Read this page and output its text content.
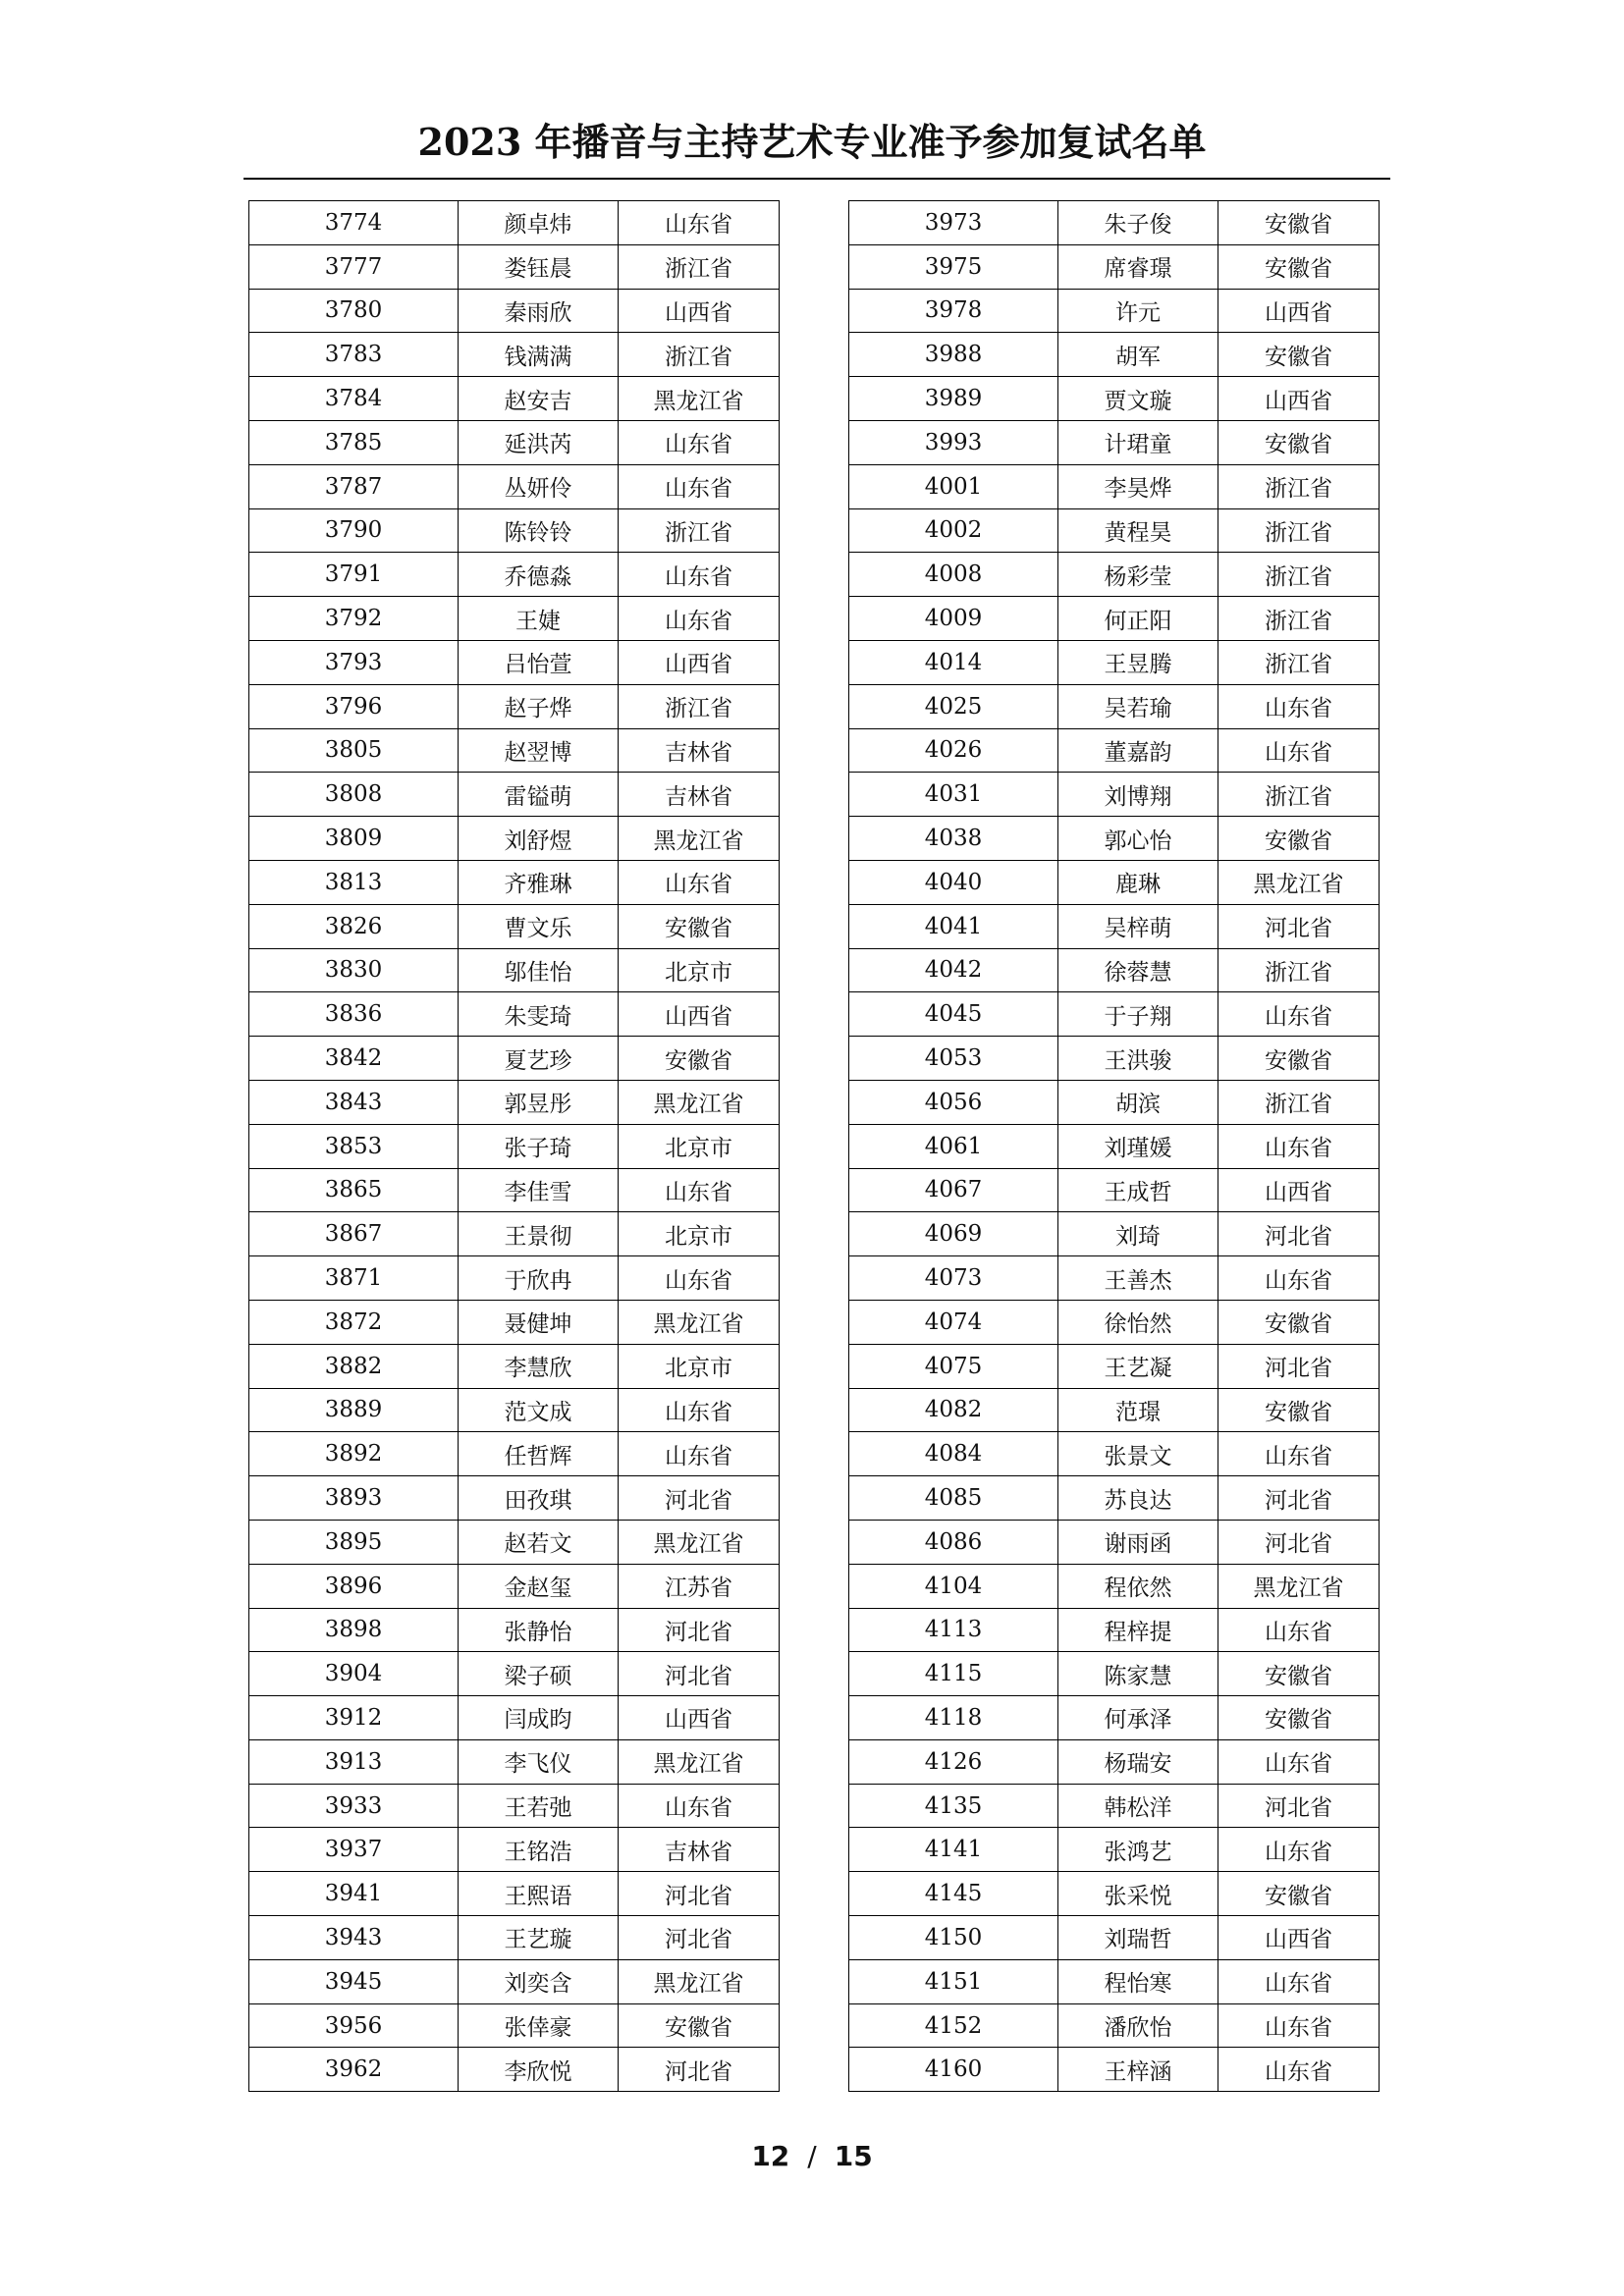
2023 年播音与主持艺术专业准予参加复试名单
3774	颜卓炜	山东省
3777	娄钰晨	浙江省
3780	秦雨欣	山西省
3783	钱满满	浙江省
3784	赵安吉	黑龙江省
3785	延洪芮	山东省
3787	丛妍伶	山东省
3790	陈铃铃	浙江省
3791	乔德淼	山东省
3792	王婕	山东省
3793	吕怡萱	山西省
3796	赵子烨	浙江省
3805	赵翌博	吉林省
3808	雷镒萌	吉林省
3809	刘舒煜	黑龙江省
3813	齐雅琳	山东省
3826	曹文乐	安徽省
3830	邬佳怡	北京市
3836	朱雯琦	山西省
3842	夏艺珍	安徽省
3843	郭昱彤	黑龙江省
3853	张子琦	北京市
3865	李佳雪	山东省
3867	王景彻	北京市
3871	于欣冉	山东省
3872	聂健坤	黑龙江省
3882	李慧欣	北京市
3889	范文成	山东省
3892	任哲辉	山东省
3893	田孜琪	河北省
3895	赵若文	黑龙江省
3896	金赵玺	江苏省
3898	张静怡	河北省
3904	梁子硕	河北省
3912	闫成昀	山西省
3913	李飞仪	黑龙江省
3933	王若弛	山东省
3937	王铭浩	吉林省
3941	王熙语	河北省
3943	王艺璇	河北省
3945	刘奕含	黑龙江省
3956	张倖豪	安徽省
3962	李欣悦	河北省
3973	朱子俊	安徽省
3975	席睿璟	安徽省
3978	许元	山西省
3988	胡军	安徽省
3989	贾文璇	山西省
3993	计珺童	安徽省
4001	李昊烨	浙江省
4002	黄程昊	浙江省
4008	杨彩莹	浙江省
4009	何正阳	浙江省
4014	王昱腾	浙江省
4025	吴若瑜	山东省
4026	董嘉韵	山东省
4031	刘博翔	浙江省
4038	郭心怡	安徽省
4040	鹿琳	黑龙江省
4041	吴梓萌	河北省
4042	徐蓉慧	浙江省
4045	于子翔	山东省
4053	王洪骏	安徽省
4056	胡滨	浙江省
4061	刘瑾媛	山东省
4067	王成哲	山西省
4069	刘琦	河北省
4073	王善杰	山东省
4074	徐怡然	安徽省
4075	王艺凝	河北省
4082	范璟	安徽省
4084	张景文	山东省
4085	苏良达	河北省
4086	谢雨函	河北省
4104	程依然	黑龙江省
4113	程梓提	山东省
4115	陈家慧	安徽省
4118	何承泽	安徽省
4126	杨瑞安	山东省
4135	韩松洋	河北省
4141	张鸿艺	山东省
4145	张采悦	安徽省
4150	刘瑞哲	山西省
4151	程怡寒	山东省
4152	潘欣怡	山东省
4160	王梓涵	山东省
12 / 15
